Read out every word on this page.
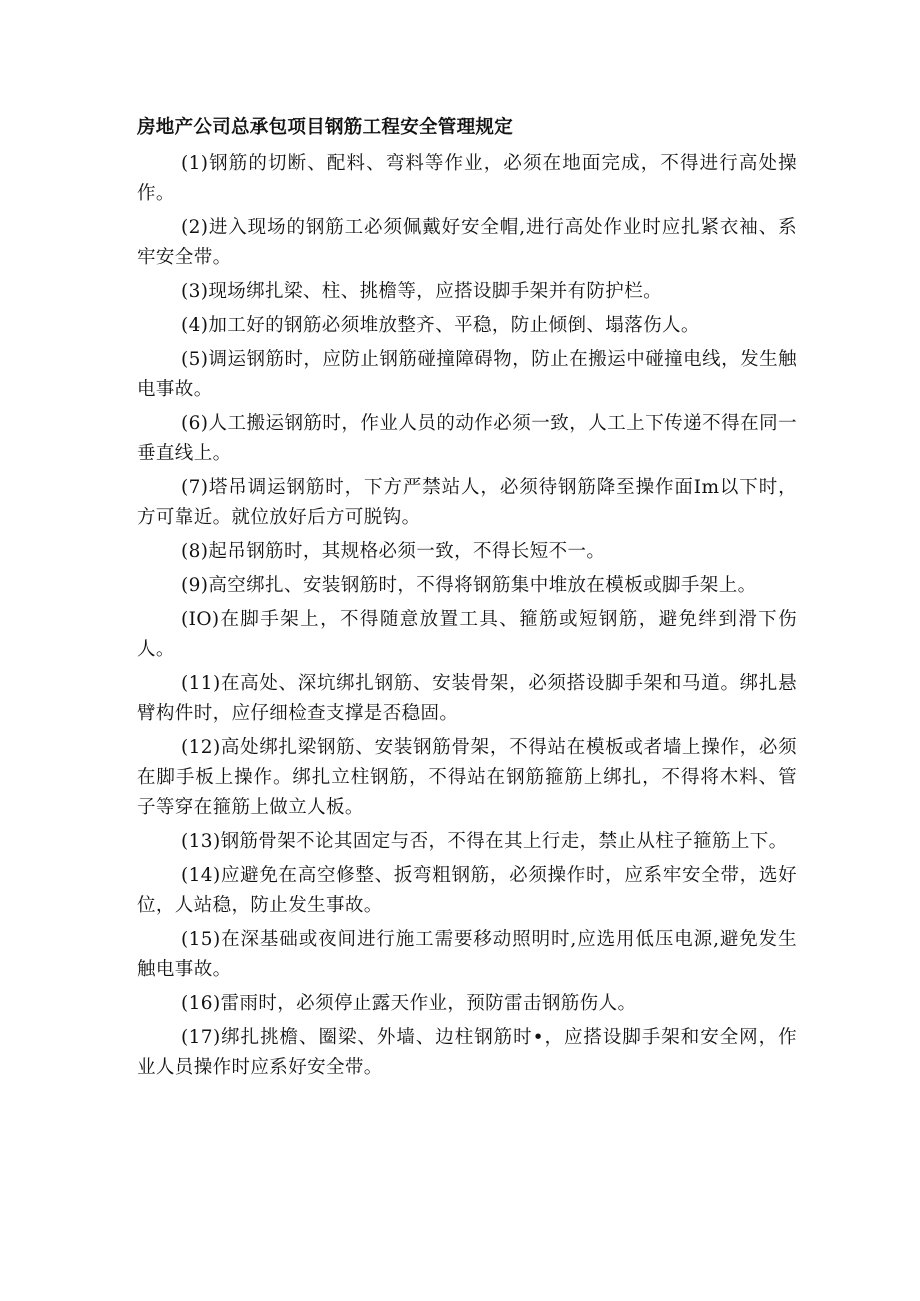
房地产公司总承包项目钢筋工程安全管理规定

(1)钢筋的切断、配料、弯料等作业，必须在地面完成，不得进行高处操作。

(2)进入现场的钢筋工必须佩戴好安全帽,进行高处作业时应扎紧衣袖、系牢安全带。

(3)现场绑扎梁、柱、挑檐等，应搭设脚手架并有防护栏。

(4)加工好的钢筋必须堆放整齐、平稳，防止倾倒、塌落伤人。

(5)调运钢筋时，应防止钢筋碰撞障碍物，防止在搬运中碰撞电线，发生触电事故。

(6)人工搬运钢筋时，作业人员的动作必须一致，人工上下传递不得在同一垂直线上。

(7)塔吊调运钢筋时，下方严禁站人，必须待钢筋降至操作面Im以下时，方可靠近。就位放好后方可脱钩。

(8)起吊钢筋时，其规格必须一致，不得长短不一。

(9)高空绑扎、安装钢筋时，不得将钢筋集中堆放在模板或脚手架上。

(IO)在脚手架上，不得随意放置工具、箍筋或短钢筋，避免绊到滑下伤人。

(11)在高处、深坑绑扎钢筋、安装骨架，必须搭设脚手架和马道。绑扎悬臂构件时，应仔细检查支撑是否稳固。

(12)高处绑扎梁钢筋、安装钢筋骨架，不得站在模板或者墙上操作，必须在脚手板上操作。绑扎立柱钢筋，不得站在钢筋箍筋上绑扎，不得将木料、管子等穿在箍筋上做立人板。

(13)钢筋骨架不论其固定与否，不得在其上行走，禁止从柱子箍筋上下。

(14)应避免在高空修整、扳弯粗钢筋，必须操作时，应系牢安全带，选好位，人站稳，防止发生事故。

(15)在深基础或夜间进行施工需要移动照明时,应选用低压电源,避免发生触电事故。

(16)雷雨时，必须停止露天作业，预防雷击钢筋伤人。

(17)绑扎挑檐、圈梁、外墙、边柱钢筋时•，应搭设脚手架和安全网，作业人员操作时应系好安全带。
